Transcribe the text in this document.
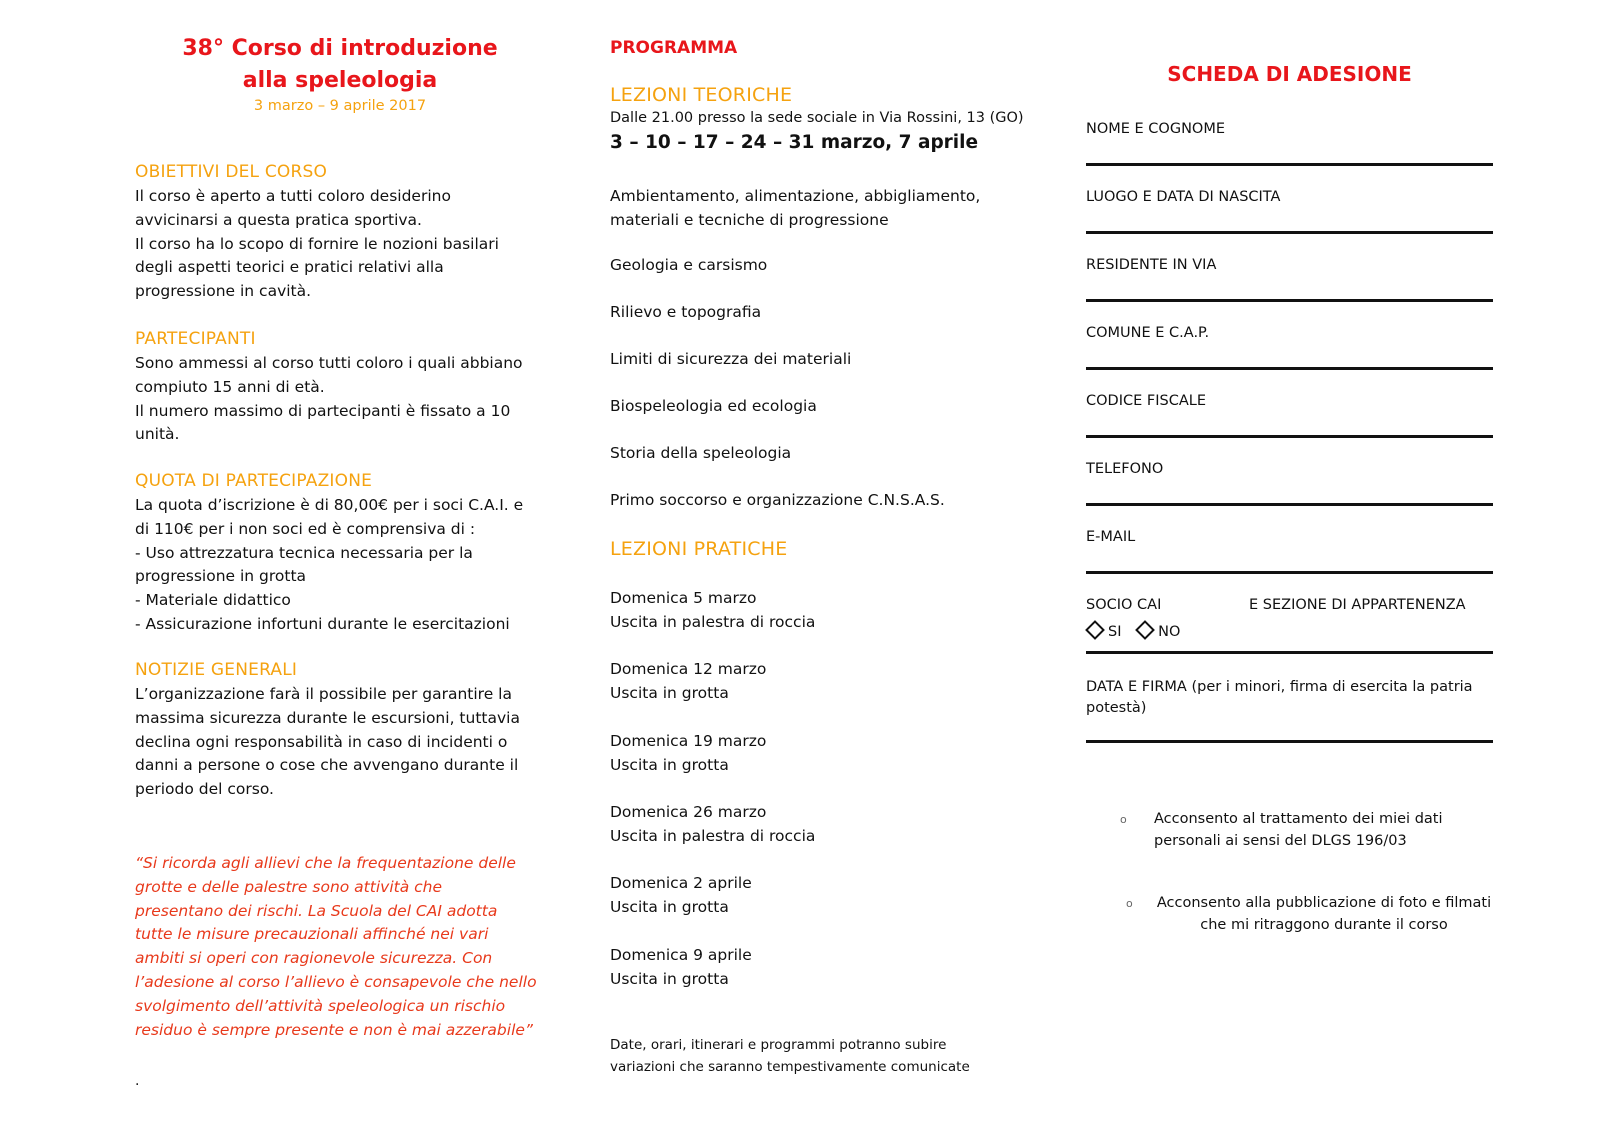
38° Corso di introduzione
alla speleologia
3 marzo – 9 aprile 2017
OBIETTIVI DEL CORSO
Il corso è aperto a tutti coloro desiderino
avvicinarsi a questa pratica sportiva.
Il corso ha lo scopo di fornire le nozioni basilari
degli aspetti teorici e pratici relativi alla
progressione in cavità.
PARTECIPANTI
Sono ammessi al corso tutti coloro i quali abbiano
compiuto 15 anni di età.
Il numero massimo di partecipanti è fissato a 10
unità.
QUOTA DI PARTECIPAZIONE
La quota d’iscrizione è di 80,00€ per i soci C.A.I. e
di 110€ per i non soci ed è comprensiva di :
- Uso attrezzatura tecnica necessaria per la
progressione in grotta
- Materiale didattico
- Assicurazione infortuni durante le esercitazioni
NOTIZIE GENERALI
L’organizzazione farà il possibile per garantire la
massima sicurezza durante le escursioni, tuttavia
declina ogni responsabilità in caso di incidenti o
danni a persone o cose che avvengano durante il
periodo del corso.
“Si ricorda agli allievi che la frequentazione delle
grotte e delle palestre sono attività che
presentano dei rischi. La Scuola del CAI adotta
tutte le misure precauzionali affinché nei vari
ambiti si operi con ragionevole sicurezza. Con
l’adesione al corso l’allievo è consapevole che nello
svolgimento dell’attività speleologica un rischio
residuo è sempre presente e non è mai azzerabile”
.
PROGRAMMA
LEZIONI TEORICHE
Dalle 21.00 presso la sede sociale in Via Rossini, 13 (GO)
3 – 10 – 17 – 24 – 31 marzo, 7 aprile
Ambientamento, alimentazione, abbigliamento,
materiali e tecniche di progressione
Geologia e carsismo
Rilievo e topografia
Limiti di sicurezza dei materiali
Biospeleologia ed ecologia
Storia della speleologia
Primo soccorso e organizzazione C.N.S.A.S.
LEZIONI PRATICHE
Domenica 5 marzo
Uscita in palestra di roccia
Domenica 12 marzo
Uscita in grotta
Domenica 19 marzo
Uscita in grotta
Domenica 26 marzo
Uscita in palestra di roccia
Domenica 2 aprile
Uscita in grotta
Domenica 9 aprile
Uscita in grotta
Date, orari, itinerari e programmi potranno subire
variazioni che saranno tempestivamente comunicate
SCHEDA DI ADESIONE
NOME E COGNOME
LUOGO E DATA DI NASCITA
RESIDENTE IN VIA
COMUNE E C.A.P.
CODICE FISCALE
TELEFONO
E-MAIL
SOCIO CAI	E SEZIONE DI APPARTENENZA
SI	NO
DATA E FIRMA (per i minori, firma di esercita la patria
potestà)
o Acconsento al trattamento dei miei dati
personali ai sensi del DLGS 196/03
o Acconsento alla pubblicazione di foto e filmati
che mi ritraggono durante il corso
